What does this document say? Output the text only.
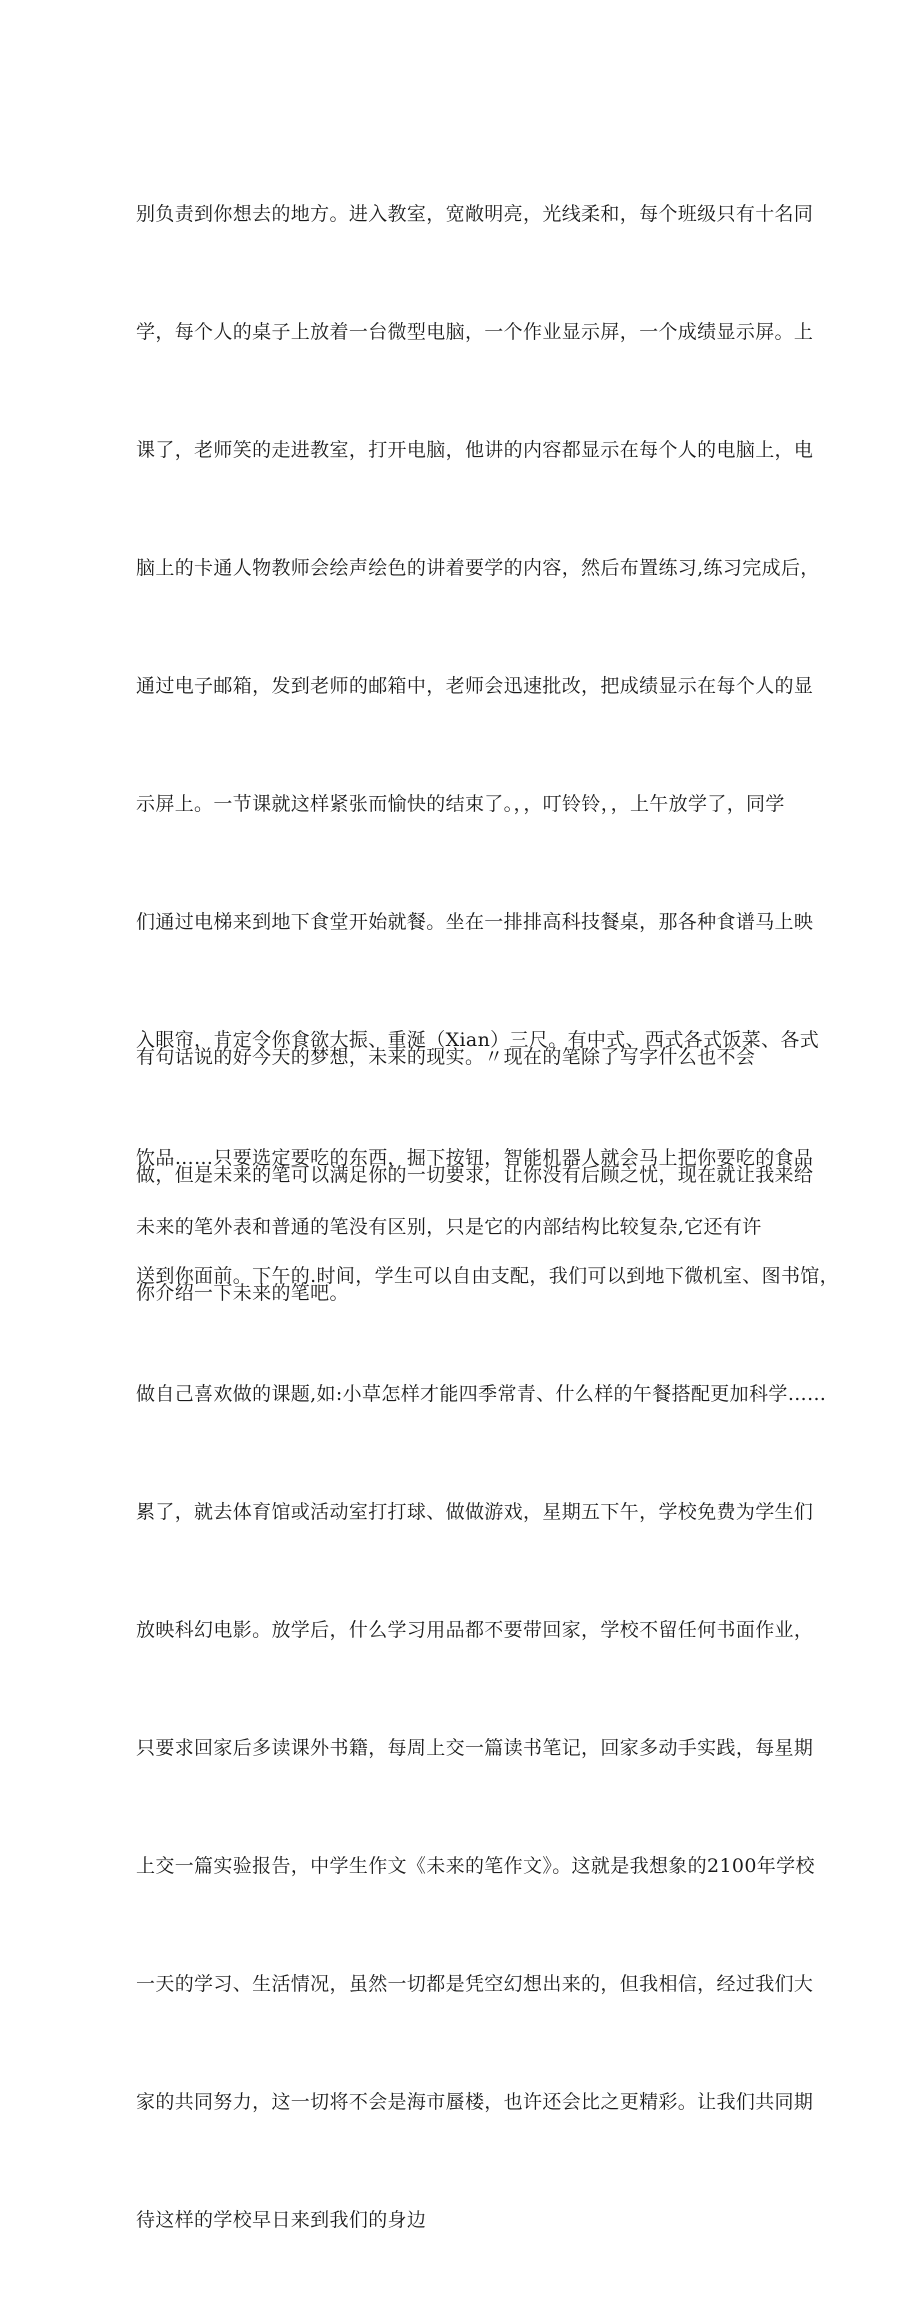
别负责到你想去的地方。进入教室，宽敞明亮，光线柔和，每个班级只有十名同

学，每个人的桌子上放着一台微型电脑，一个作业显示屏，一个成绩显示屏。上

课了，老师笑的走进教室，打开电脑，他讲的内容都显示在每个人的电脑上，电

脑上的卡通人物教师会绘声绘色的讲着要学的内容，然后布置练习,练习完成后，

通过电子邮箱，发到老师的邮箱中，老师会迅速批改，把成绩显示在每个人的显

示屏上。一节课就这样紧张而愉快的结束了。，，叮铃铃，，上午放学了，同学

们通过电梯来到地下食堂开始就餐。坐在一排排高科技餐桌，那各种食谱马上映

入眼帘，肯定令你食欲大振、重涎（Xian）三尺。有中式、西式各式饭菜、各式

饮品……只要选定要吃的东西，掘下按钮，智能机器人就会马上把你要吃的食品

送到你面前。下午的.时间，学生可以自由支配，我们可以到地下微机室、图书馆，

做自己喜欢做的课题,如:小草怎样才能四季常青、什么样的午餐搭配更加科学……

累了，就去体育馆或活动室打打球、做做游戏，星期五下午，学校免费为学生们

放映科幻电影。放学后，什么学习用品都不要带回家，学校不留任何书面作业，

只要求回家后多读课外书籍，每周上交一篇读书笔记，回家多动手实践，每星期

上交一篇实验报告，中学生作文《未来的笔作文》。这就是我想象的2100年学校

一天的学习、生活情况，虽然一切都是凭空幻想出来的，但我相信，经过我们大

家的共同努力，这一切将不会是海市蜃楼，也许还会比之更精彩。让我们共同期

待这样的学校早日来到我们的身边

有句话说的好今天的梦想，未来的现实。〃现在的笔除了写字什么也不会

做，但是未来的笔可以满足你的一切要求，让你没有后顾之忧，现在就让我来给

你介绍一下未来的笔吧。

未来的笔外表和普通的笔没有区别，只是它的内部结构比较复杂,它还有许
